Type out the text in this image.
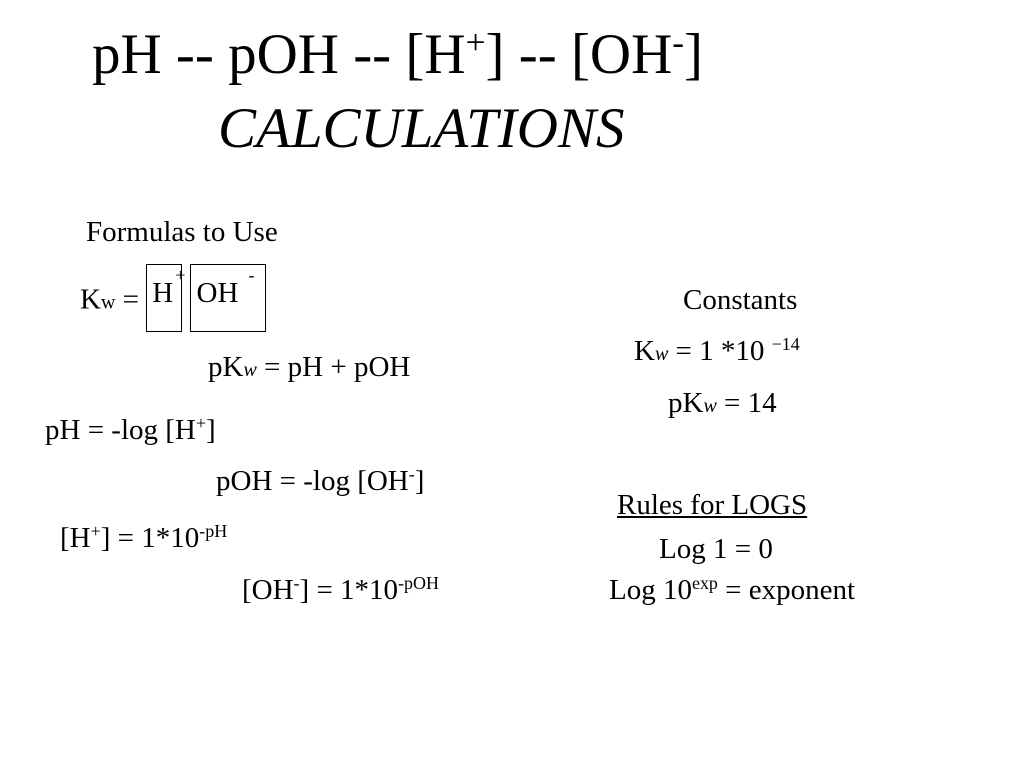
pH -- pOH -- [H+] -- [OH-]
CALCULATIONS
Formulas to Use
Kw = H
+

OH
-
pKw = pH + pOH
pH = -log [H+]
pOH = -log [OH-]
$[H^+] = 1*10^{-pH}$
$[OH^-] = 1*10^{-pOH}$
Constants
Kw = 1 *10 $^{-14}$
pKw = 14
Rules for LOGS
Log 1 = 0
Log $10^{exp}$ = exponent
